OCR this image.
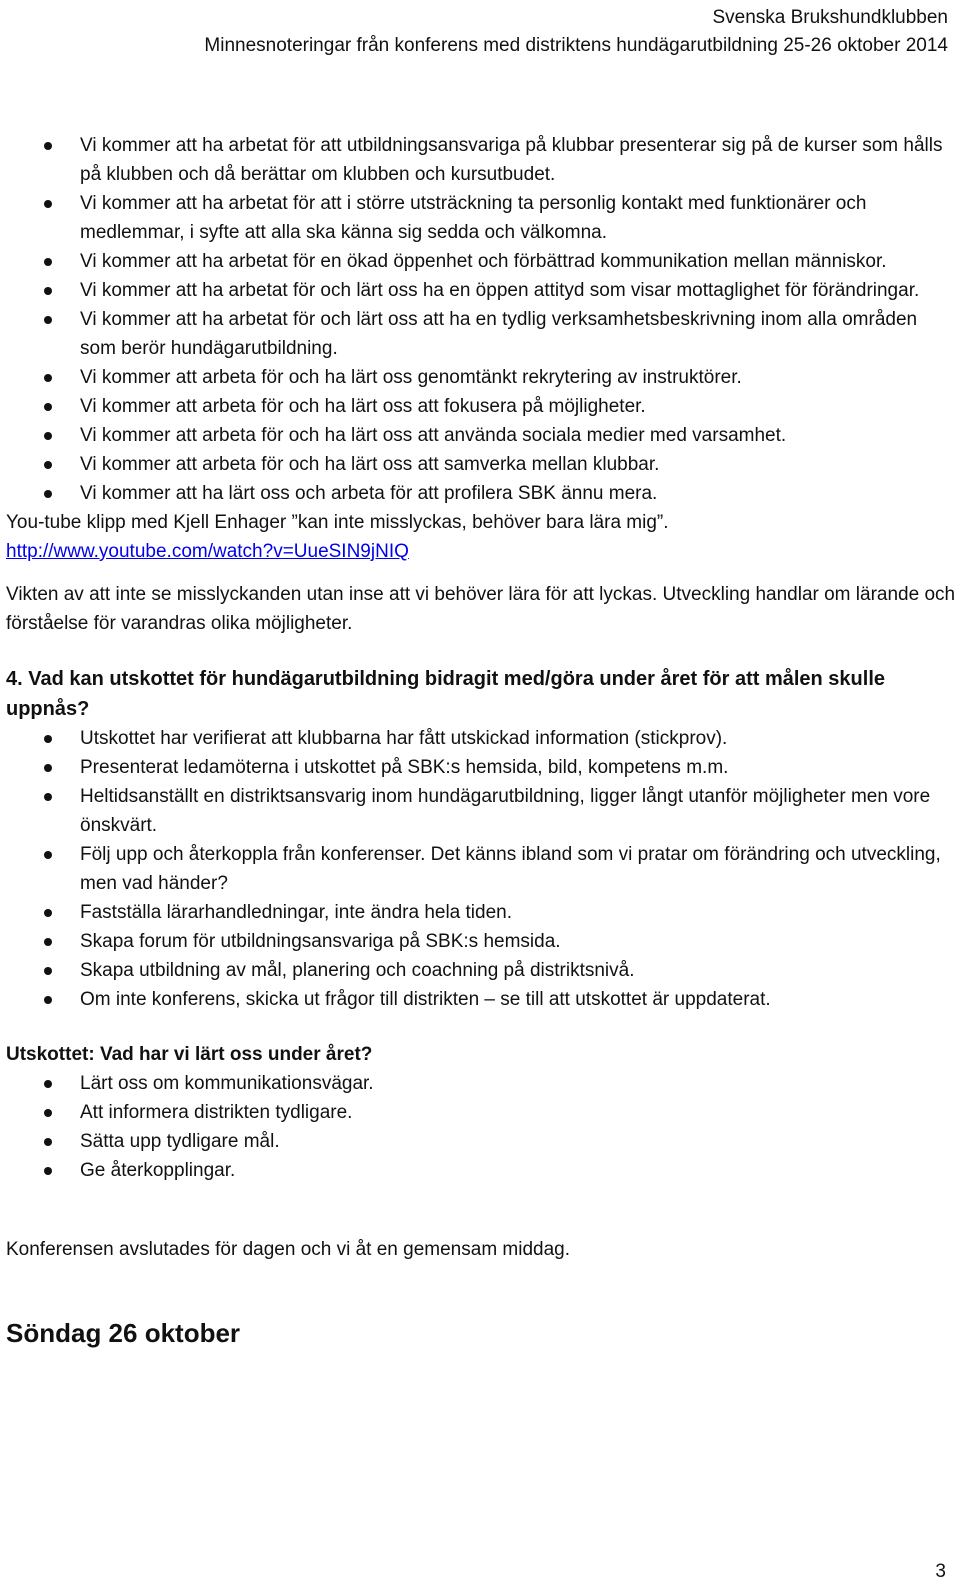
Svenska Brukshundklubben
Minnesnoteringar från konferens med distriktens hundägarutbildning 25-26 oktober 2014
Vi kommer att ha arbetat för att utbildningsansvariga på klubbar presenterar sig på de kurser som hålls på klubben och då berättar om klubben och kursutbudet.
Vi kommer att ha arbetat för att i större utsträckning ta personlig kontakt med funktionärer och medlemmar, i syfte att alla ska känna sig sedda och välkomna.
Vi kommer att ha arbetat för en ökad öppenhet och förbättrad kommunikation mellan människor.
Vi kommer att ha arbetat för och lärt oss ha en öppen attityd som visar mottaglighet för förändringar.
Vi kommer att ha arbetat för och lärt oss att ha en tydlig verksamhetsbeskrivning inom alla områden som berör hundägarutbildning.
Vi kommer att arbeta för och ha lärt oss genomtänkt rekrytering av instruktörer.
Vi kommer att arbeta för och ha lärt oss att fokusera på möjligheter.
Vi kommer att arbeta för och ha lärt oss att använda sociala medier med varsamhet.
Vi kommer att arbeta för och ha lärt oss att samverka mellan klubbar.
Vi kommer att ha lärt oss och arbeta för att profilera SBK ännu mera.

You-tube klipp med Kjell Enhager ”kan inte misslyckas, behöver bara lära mig”.

http://www.youtube.com/watch?v=UueSIN9jNIQ

Vikten av att inte se misslyckanden utan inse att vi behöver lära för att lyckas. Utveckling handlar om lärande och förståelse för varandras olika möjligheter.

4. Vad kan utskottet för hundägarutbildning bidragit med/göra under året för att målen skulle uppnås?

Utskottet har verifierat att klubbarna har fått utskickad information (stickprov).
Presenterat ledamöterna i utskottet på SBK:s hemsida, bild, kompetens m.m.
Heltidsanställt en distriktsansvarig inom hundägarutbildning, ligger långt utanför möjligheter men vore önskvärt.
Följ upp och återkoppla från konferenser. Det känns ibland som vi pratar om förändring och utveckling, men vad händer?
Fastställa lärarhandledningar, inte ändra hela tiden.
Skapa forum för utbildningsansvariga på SBK:s hemsida.
Skapa utbildning av mål, planering och coachning på distriktsnivå.
Om inte konferens, skicka ut frågor till distrikten – se till att utskottet är uppdaterat.

Utskottet: Vad har vi lärt oss under året?

Lärt oss om kommunikationsvägar.
Att informera distrikten tydligare.
Sätta upp tydligare mål.
Ge återkopplingar.

Konferensen avslutades för dagen och vi åt en gemensam middag.

Söndag 26 oktober

3
